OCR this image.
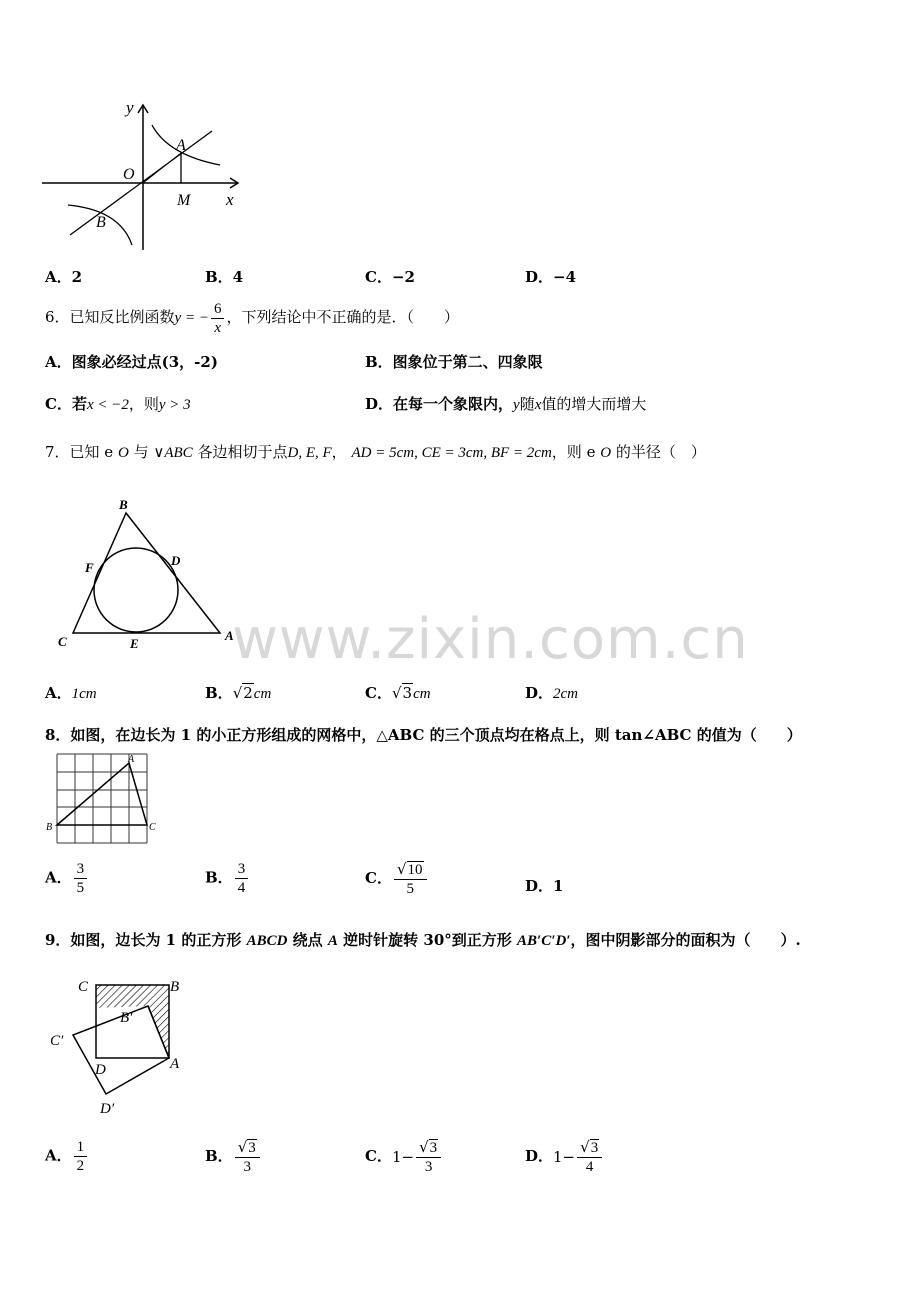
y
x
O
A
B
M
A．2	B．4	C．−2	D．−4
6．已知反比例函数y = − $\frac{6}{x}$ ，下列结论中不正确的是．（　　）
A．图象必经过点(3，-2)	B．图象位于第二、四象限
C．若x < −2，则y > 3	D．在每一个象限内，y随x值的增大而增大
7．已知 e O 与 ∨ABC 各边相切于点D, E, F， AD = 5cm, CE = 3cm, BF = 2cm，则 e O 的半径（　）
B
F	D
C	E
A
www.zixin.com.cn
A．1cm	B．√2cm	C．√3cm	D．2cm
8．如图，在边长为 1 的小正方形组成的网格中，△ABC 的三个顶点均在格点上，则 tan∠ABC 的值为（　　）
A
B	C
A． $\frac{3}{5}$	B． $\frac{3}{4}$	C． $\frac{√10}{5}$	D．1
9．如图，边长为 1 的正方形 ABCD 绕点 A 逆时针旋转 30°到正方形 AB′C′D′，图中阴影部分的面积为（　　）.
C	B
B′
C′
D	A
D′
A． $\frac{1}{2}$	B． $\frac{√3}{3}$	C．$1- \frac{√3}{3}$	D．$1- \frac{√3}{4}$
